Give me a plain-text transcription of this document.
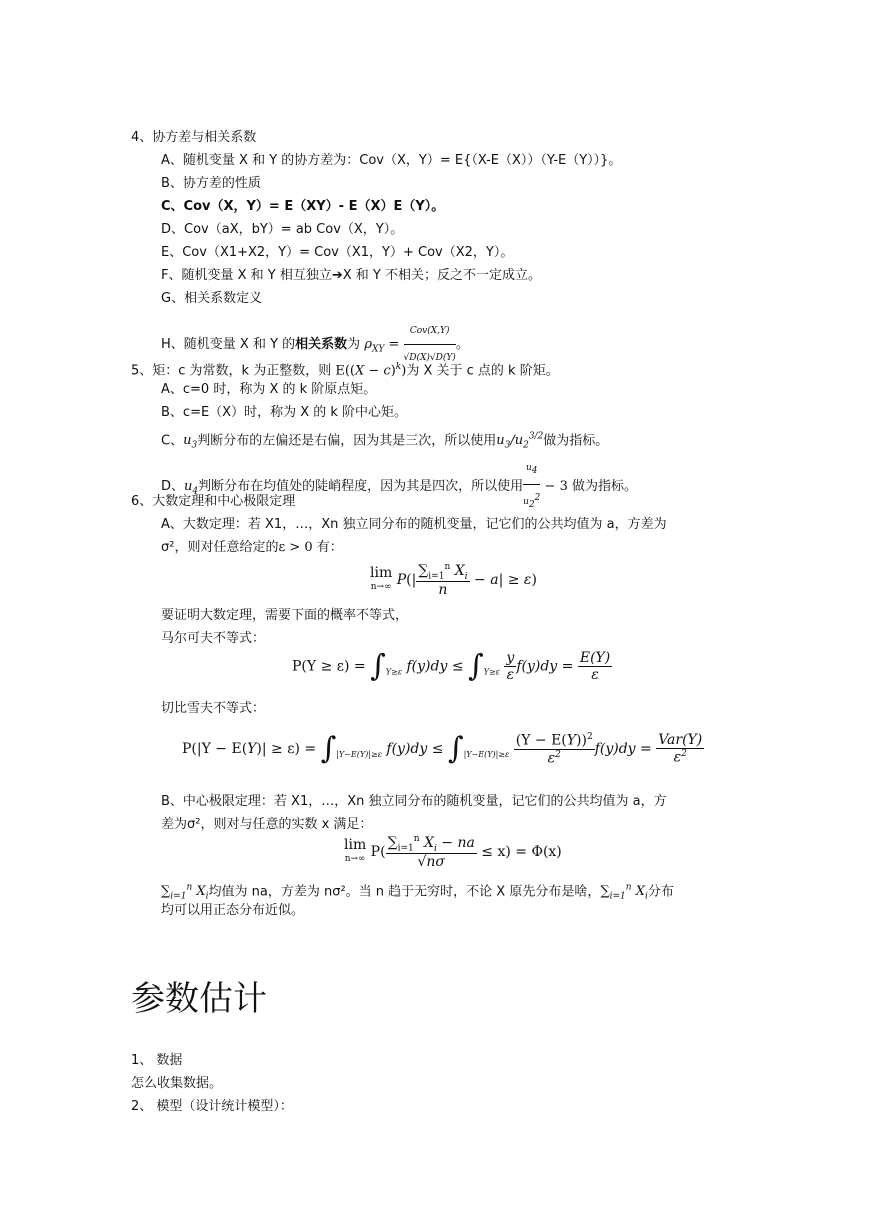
4、协方差与相关系数
A、随机变量 X 和 Y 的协方差为：Cov（X，Y）= E{（X-E（X））（Y-E（Y））}。
B、协方差的性质
C、Cov（X，Y）= E（XY）- E（X）E（Y）。
D、Cov（aX，bY）= ab Cov（X，Y）。
E、Cov（X1+X2，Y）= Cov（X1，Y）+ Cov（X2，Y）。
F、随机变量 X 和 Y 相互独立➔X 和 Y 不相关；反之不一定成立。
G、相关系数定义
H、随机变量 X 和 Y 的相关系数为 $\rho_{XY} = \frac{\text{Cov(X,Y)}}{√D(X)√D(Y)}$ 。
5、矩：c 为常数，k 为正整数，则 $E((X - c)^k)$为 X 关于 c 点的 k 阶矩。
A、c=0 时，称为 X 的 k 阶原点矩。
B、c=E（X）时，称为 X 的 k 阶中心矩。
C、$u_3$判断分布的左偏还是右偏，因为其是三次，所以使用$u_3/u_2^{3/2}$做为指标。
D、$u_4$判断分布在均值处的陡峭程度，因为其是四次，所以使用 $\frac{u_4}{u_2^2} - 3$ 做为指标。
6、大数定理和中心极限定理
A、大数定理：若 X1，…，Xn 独立同分布的随机变量，记它们的公共均值为 a，方差为
σ²，则对任意给定的ε > 0 有：
lim
n→∞ $P(| \frac{\sum_{i=1}^n X_i}{n} - a| \ge \varepsilon)$
要证明大数定理，需要下面的概率不等式，
马尔可夫不等式：
$P(Y \ge \varepsilon) = \int_{Y\ge\varepsilon}$ $f(y)dy \le \int_{Y\ge\varepsilon} \frac{y}{\varepsilon} f(y)dy = \frac{E(Y)}{\varepsilon}$
切比雪夫不等式：
$P(|Y - E(Y)| \ge \varepsilon) = \int_{|Y-E(Y)|\ge\varepsilon}$ $f(y)dy \le \int_{|Y-E(Y)|\ge\varepsilon} \frac{(Y - E(Y))^2}{\varepsilon^2} f(y)dy = \frac{\text{Var(Y)}}{\varepsilon^2}$
B、中心极限定理：若 X1，…，Xn 独立同分布的随机变量，记它们的公共均值为 a，方
差为σ²，则对与任意的实数 x 满足：
lim
n→∞ $P( \frac{\sum_{i=1}^n X_i - na}{√n\sigma} \le x) = \Phi(x)$
$\sum_{i=1}^n$ $X_i$均值为 na，方差为 nσ²。当 n 趋于无穷时，不论 X 原先分布是啥，$\sum_{i=1}^n$ $X_i$分布
均可以用正态分布近似。
参数估计
1、 数据
怎么收集数据。
2、 模型（设计统计模型）：
